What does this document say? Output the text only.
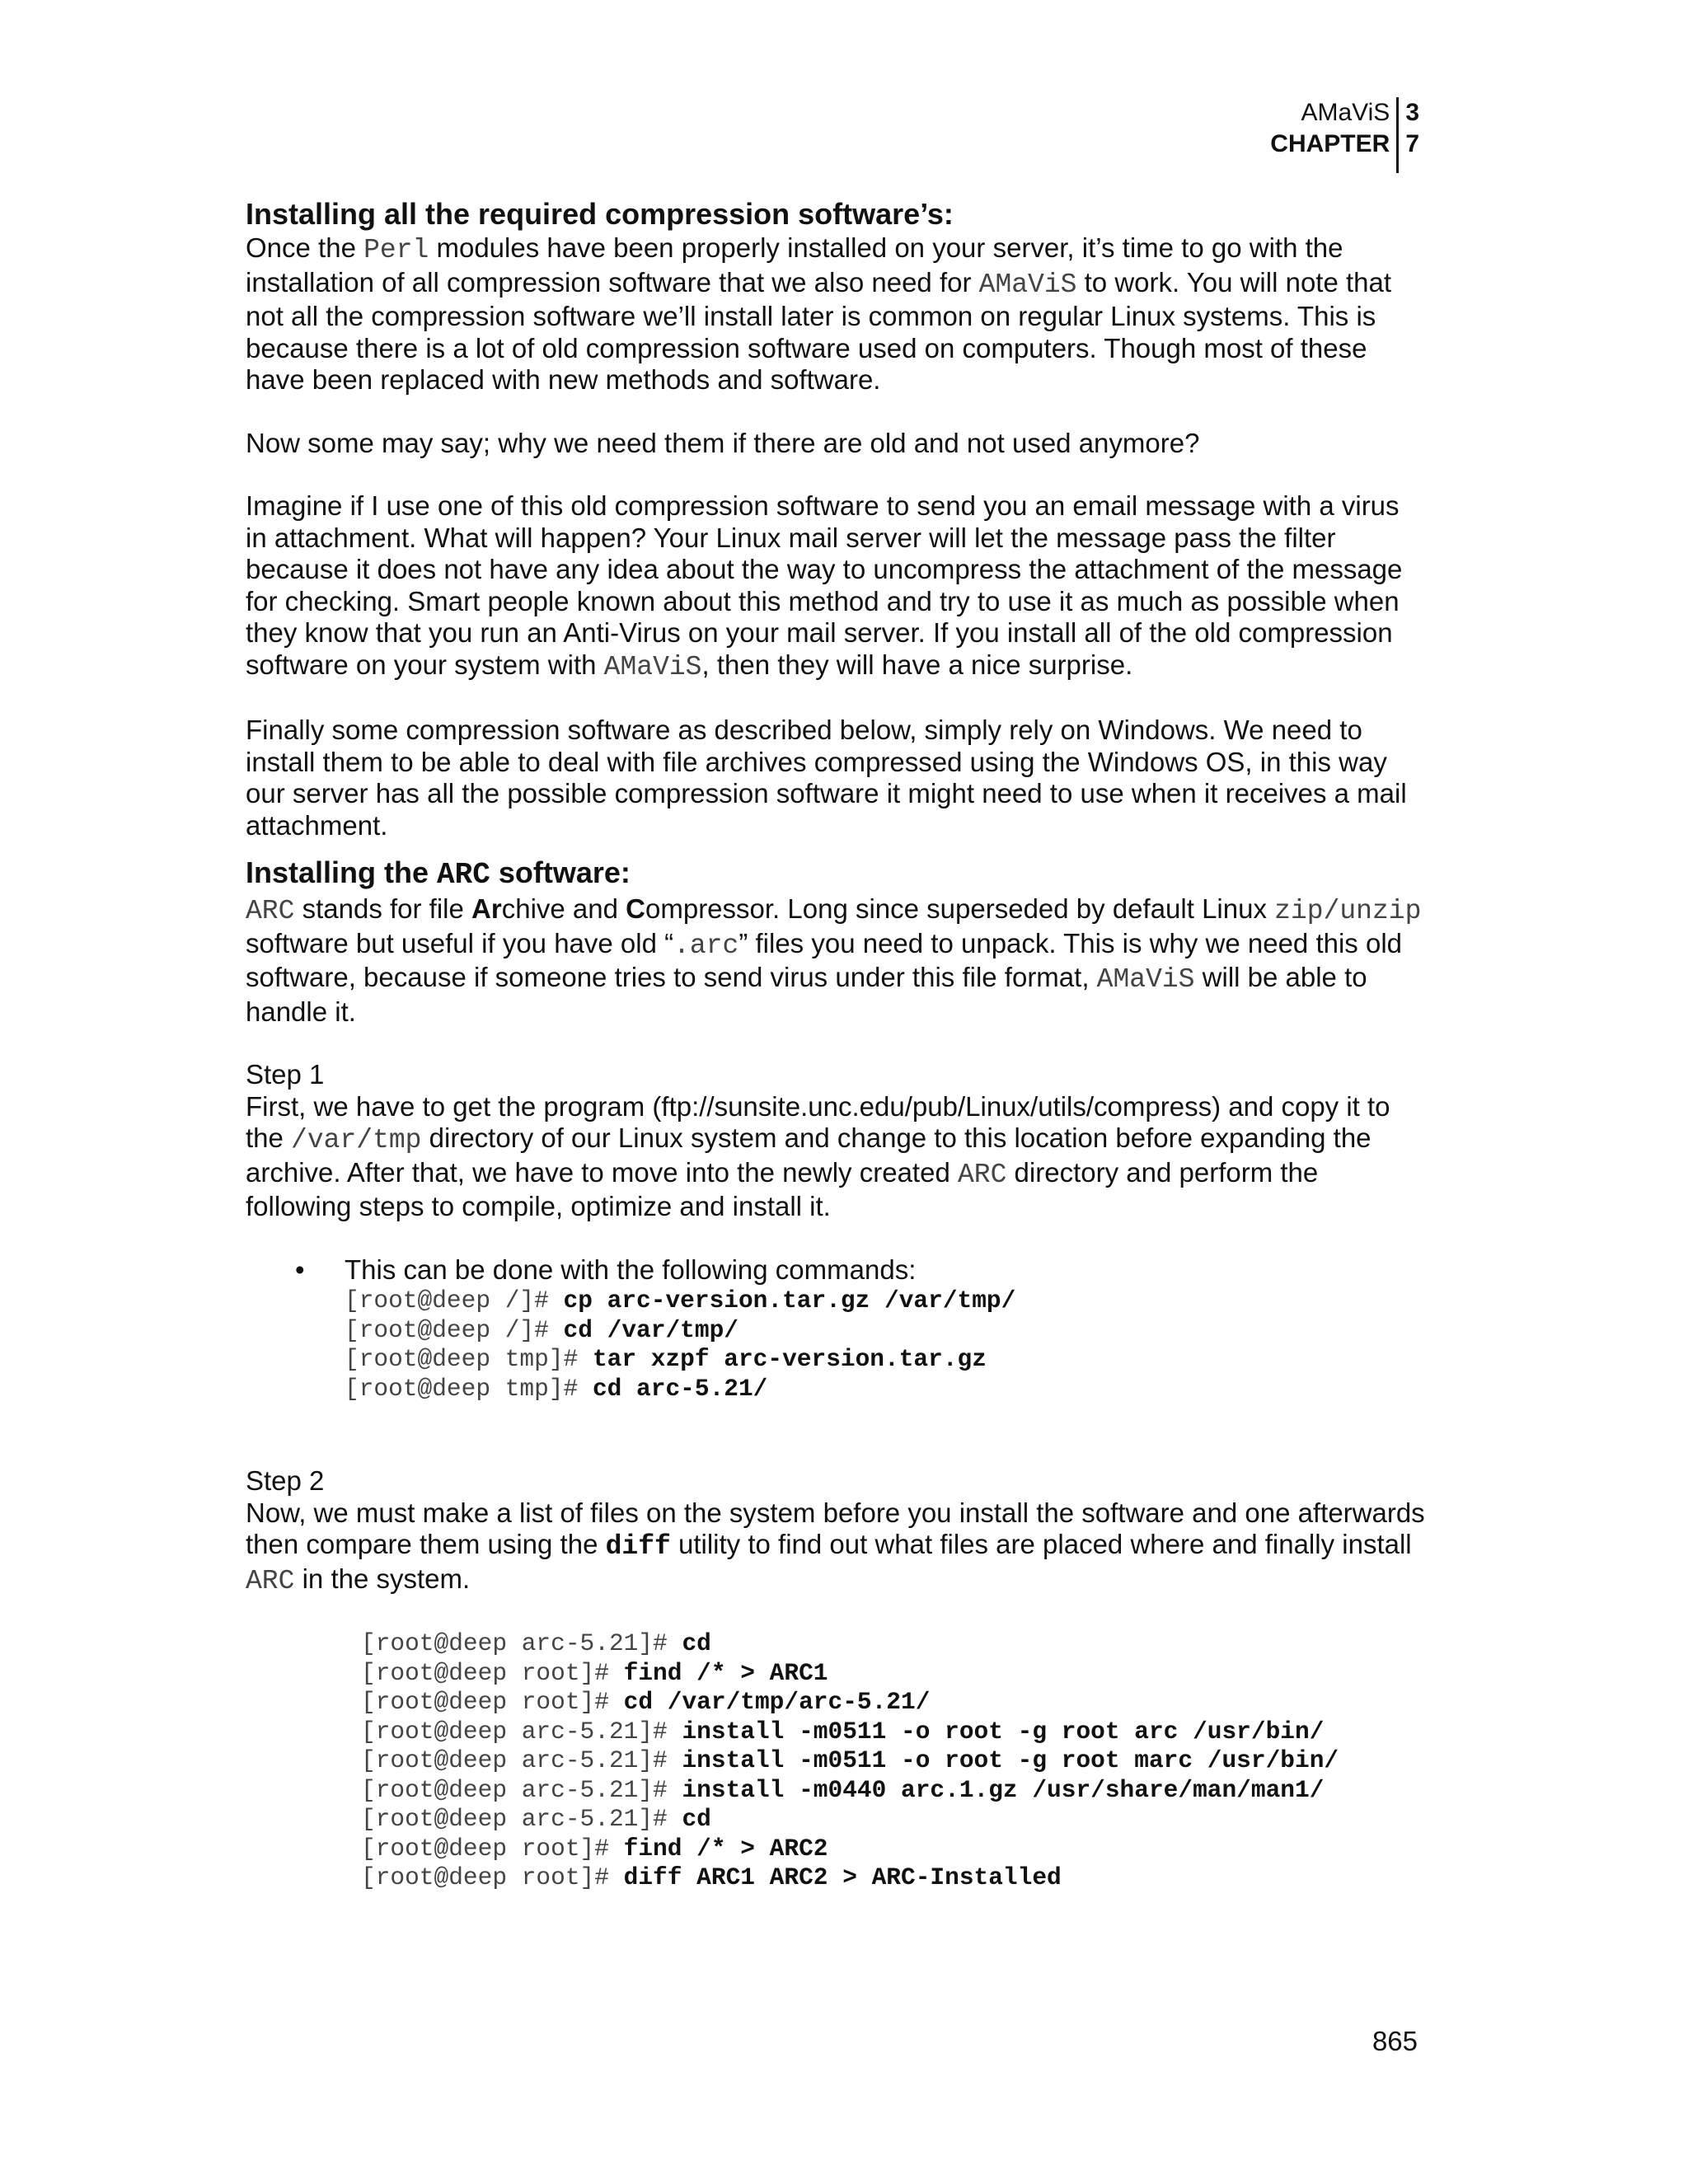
AMaViS
CHAPTER
3
7
Installing all the required compression software’s:

Once the Perl modules have been properly installed on your server, it’s time to go with the installation of all compression software that we also need for AMaViS to work. You will note that not all the compression software we’ll install later is common on regular Linux systems. This is because there is a lot of old compression software used on computers. Though most of these have been replaced with new methods and software.

Now some may say; why we need them if there are old and not used anymore?

Imagine if I use one of this old compression software to send you an email message with a virus in attachment. What will happen? Your Linux mail server will let the message pass the filter because it does not have any idea about the way to uncompress the attachment of the message for checking. Smart people known about this method and try to use it as much as possible when they know that you run an Anti-Virus on your mail server. If you install all of the old compression software on your system with AMaViS, then they will have a nice surprise.

Finally some compression software as described below, simply rely on Windows. We need to install them to be able to deal with file archives compressed using the Windows OS, in this way our server has all the possible compression software it might need to use when it receives a mail attachment.

Installing the ARC software:

ARC stands for file Archive and Compressor. Long since superseded by default Linux zip/unzip software but useful if you have old “.arc” files you need to unpack. This is why we need this old software, because if someone tries to send virus under this file format, AMaViS will be able to handle it.

Step 1

First, we have to get the program (ftp://sunsite.unc.edu/pub/Linux/utils/compress) and copy it to the /var/tmp directory of our Linux system and change to this location before expanding the archive. After that, we have to move into the newly created ARC directory and perform the following steps to compile, optimize and install it.

•	This can be done with the following commands:
[root@deep /]# cp arc-version.tar.gz /var/tmp/
[root@deep /]# cd /var/tmp/
[root@deep tmp]# tar xzpf arc-version.tar.gz
[root@deep tmp]# cd arc-5.21/

Step 2

Now, we must make a list of files on the system before you install the software and one afterwards then compare them using the diff utility to find out what files are placed where and finally install ARC in the system.

[root@deep arc-5.21]# cd
[root@deep root]# find /* > ARC1
[root@deep root]# cd /var/tmp/arc-5.21/
[root@deep arc-5.21]# install -m0511 -o root -g root arc /usr/bin/
[root@deep arc-5.21]# install -m0511 -o root -g root marc /usr/bin/
[root@deep arc-5.21]# install -m0440 arc.1.gz /usr/share/man/man1/
[root@deep arc-5.21]# cd
[root@deep root]# find /* > ARC2
[root@deep root]# diff ARC1 ARC2 > ARC-Installed
865
